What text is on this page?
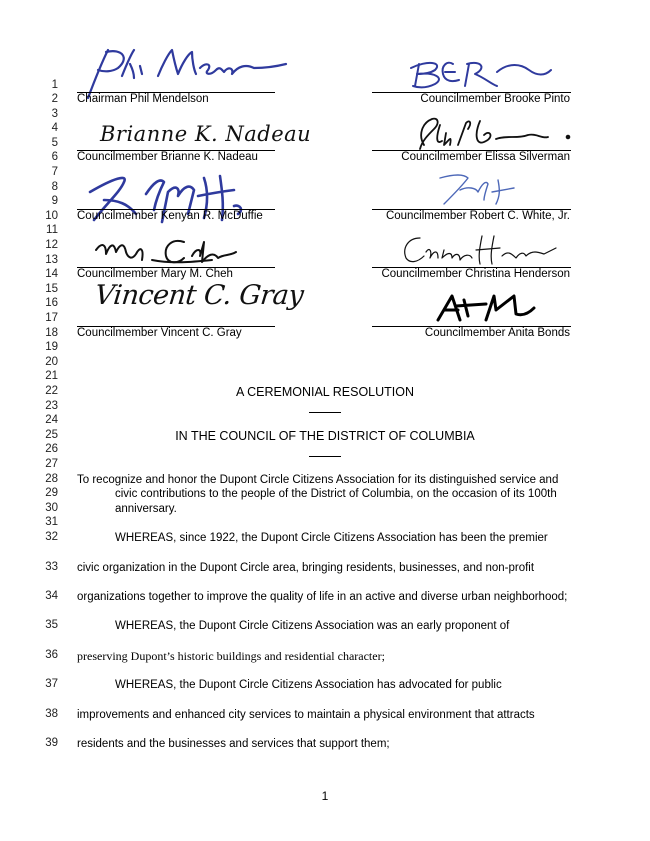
1
2
3
4
5
6
7
8
9
10
11
12
13
14
15
16
17
18
19
20
21
22
23
24
25
26
27
28
29
30
31
32
33
34
35
36
37
38
39
Chairman Phil Mendelson	Councilmember Brooke Pinto
Brianne K. Nadeau
Councilmember Brianne K. Nadeau	Councilmember Elissa Silverman
Councilmember Kenyan R. McDuffie	Councilmember Robert C. White, Jr.
Councilmember Mary M. Cheh	Councilmember Christina Henderson
Vincent C. Gray
Councilmember Vincent C. Gray	Councilmember Anita Bonds
A CEREMONIAL RESOLUTION
IN THE COUNCIL OF THE DISTRICT OF COLUMBIA
To recognize and honor the Dupont Circle Citizens Association for its distinguished service and
civic contributions to the people of the District of Columbia, on the occasion of its 100th
anniversary.
WHEREAS, since 1922, the Dupont Circle Citizens Association has been the premier
civic organization in the Dupont Circle area, bringing residents, businesses, and non-profit
organizations together to improve the quality of life in an active and diverse urban neighborhood;
WHEREAS, the Dupont Circle Citizens Association was an early proponent of
preserving Dupont’s historic buildings and residential character;
WHEREAS, the Dupont Circle Citizens Association has advocated for public
improvements and enhanced city services to maintain a physical environment that attracts
residents and the businesses and services that support them;
1
